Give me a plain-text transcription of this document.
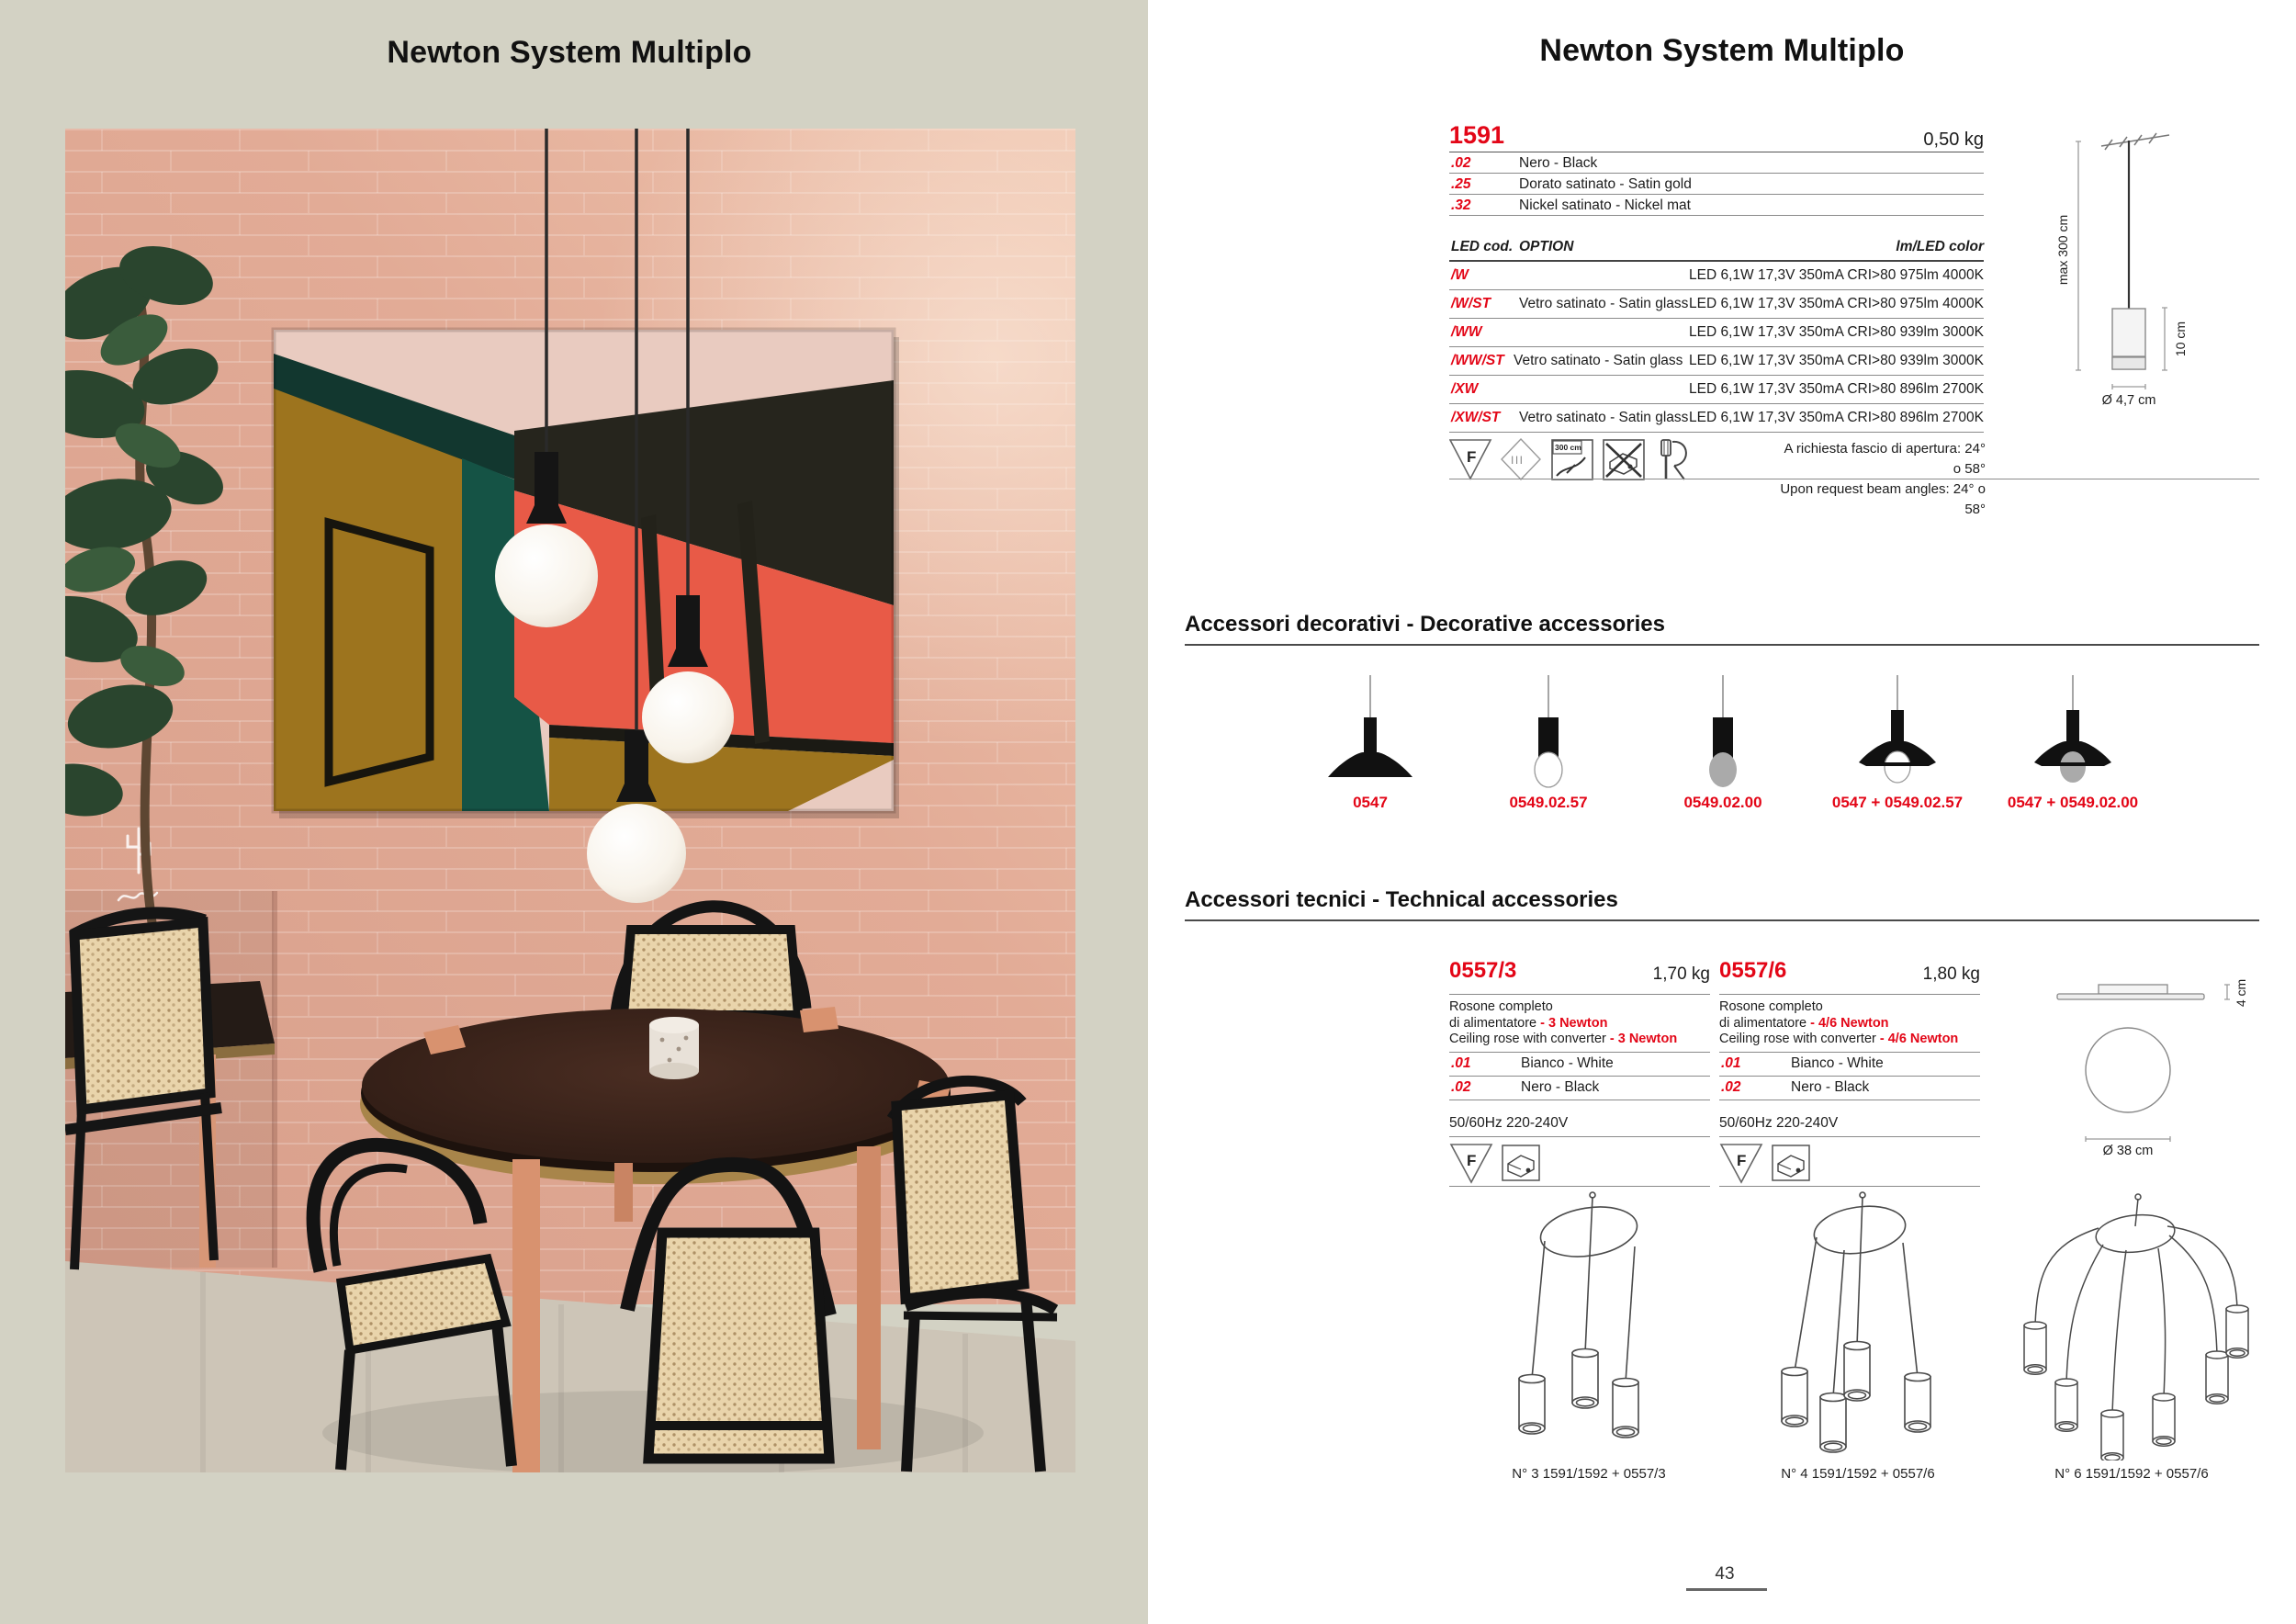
Newton System Multiplo	Newton System Multiplo
1591	0,50 kg
.02	Nero - Black
.25	Dorato satinato - Satin gold
.32	Nickel satinato - Nickel mat
LED cod. OPTION	lm/LED color
/W	LED 6,1W 17,3V 350mA CRI>80 975lm 4000K
/W/ST Vetro satinato - Satin glass LED 6,1W 17,3V 350mA CRI>80 975lm 4000K
/WW	LED 6,1W 17,3V 350mA CRI>80 939lm 3000K
/WW/ST Vetro satinato - Satin glass LED 6,1W 17,3V 350mA CRI>80 939lm 3000K
/XW	LED 6,1W 17,3V 350mA CRI>80 896lm 2700K
/XW/ST Vetro satinato - Satin glass LED 6,1W 17,3V 350mA CRI>80 896lm 2700K
F	III
300 cm	A richiesta fascio di apertura: 24° o 58°
Upon request beam angles: 24° o 58°
max 300 cm
10 cm
Ø 4,7 cm
Accessori decorativi - Decorative accessories
0547	0549.02.57	0549.02.00	0547 + 0549.02.57	0547 + 0549.02.00
Accessori tecnici - Technical accessories
0557/3	1,70 kg
Rosone completo
di alimentatore - 3 Newton
Ceiling rose with converter - 3 Newton
.01	Bianco - White
.02	Nero - Black
50/60Hz 220-240V
F
0557/6	1,80 kg
Rosone completo
di alimentatore - 4/6 Newton
Ceiling rose with converter - 4/6 Newton
.01	Bianco - White
.02	Nero - Black
50/60Hz 220-240V
F
4 cm
Ø 38 cm
N° 3 1591/1592 + 0557/3	N° 4 1591/1592 + 0557/6	N° 6 1591/1592 + 0557/6
43
